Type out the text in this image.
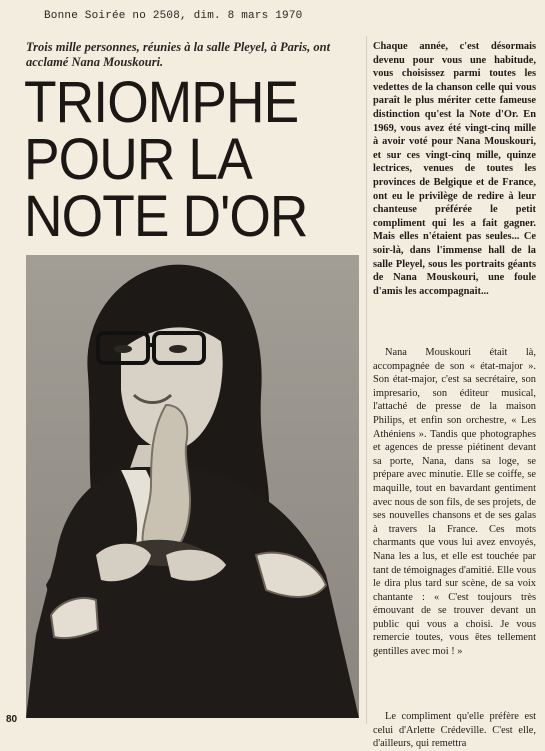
Bonne Soirée no 2508, dim. 8 mars 1970
Trois mille personnes, réunies à la salle Pleyel, à Paris, ont acclamé Nana Mouskouri.
TRIOMPHE
POUR LA
NOTE D'OR
80
Chaque année, c'est désormais devenu pour vous une habitude, vous choisissez parmi toutes les vedettes de la chanson celle qui vous paraît le plus mériter cette fameuse distinction qu'est la Note d'Or. En 1969, vous avez été vingt-cinq mille à avoir voté pour Nana Mouskouri, et sur ces vingt-cinq mille, quinze lectrices, venues de toutes les provinces de Belgique et de France, ont eu le privilège de redire à leur chanteuse préférée le petit compliment qui les a fait gagner. Mais elles n'étaient pas seules... Ce soir-là, dans l'immense hall de la salle Pleyel, sous les portraits géants de Nana Mouskouri, une foule d'amis les accompagnait...
Nana Mouskouri était là, accompagnée de son « état-major ». Son état-major, c'est sa secrétaire, son impresario, son éditeur musical, l'attaché de presse de la maison Philips, et enfin son orchestre, « Les Athéniens ». Tandis que photographes et agences de presse piétinent devant sa porte, Nana, dans sa loge, se prépare avec minutie. Elle se coiffe, se maquille, tout en bavardant gentiment avec nous de son fils, de ses projets, de ses nouvelles chansons et de ses galas à travers la France. Ces mots charmants que vous lui avez envoyés, Nana les a lus, et elle est touchée par tant de témoignages d'amitié. Elle vous le dira plus tard sur scène, de sa voix chantante : « C'est toujours très émouvant de se trouver devant un public qui vous a choisi. Je vous remercie toutes, vous êtes tellement gentilles avec moi ! »
Le compliment qu'elle préfère est celui d'Arlette Crédeville. C'est elle, d'ailleurs, qui remettra
